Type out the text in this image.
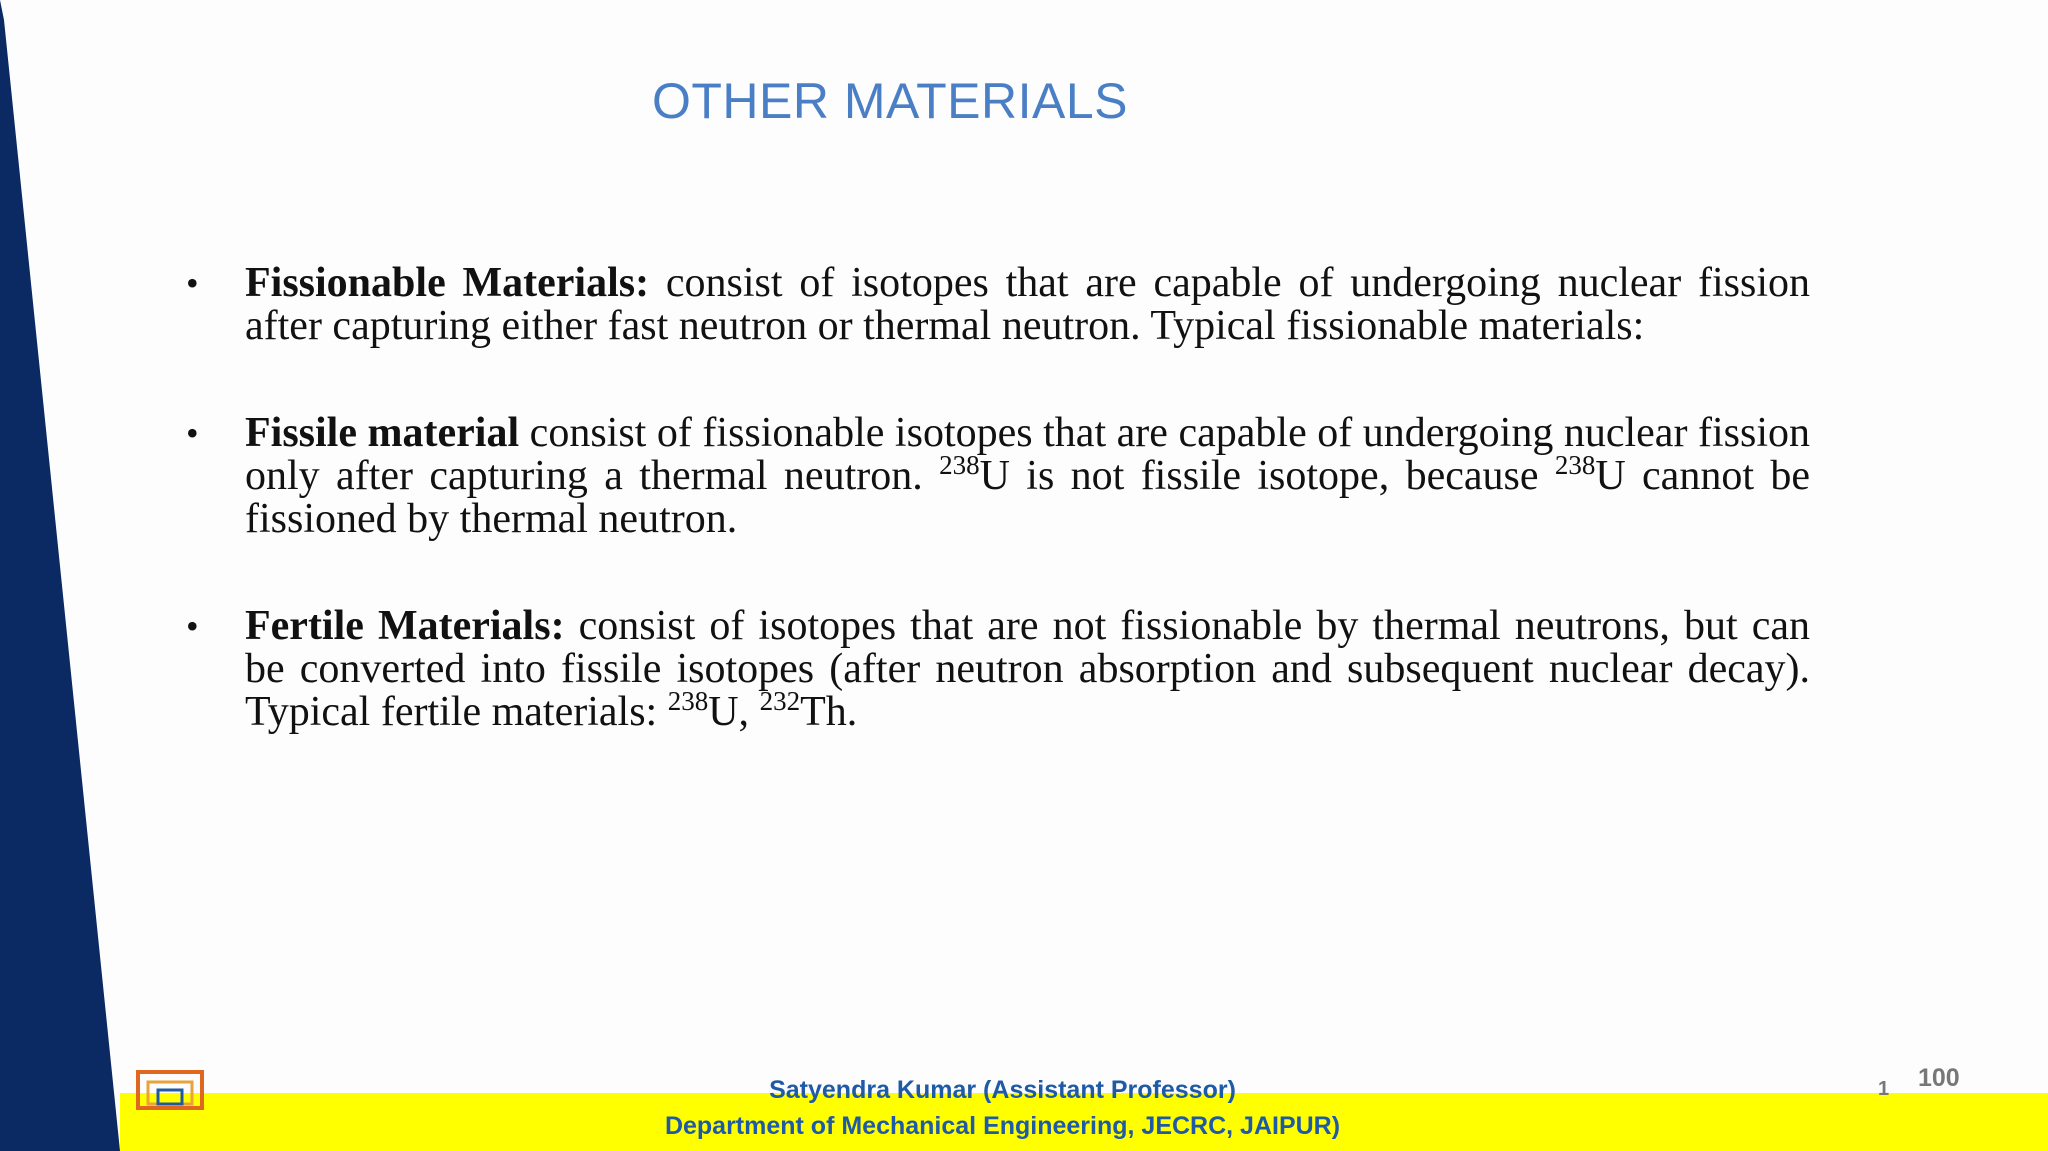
OTHER MATERIALS
• Fissionable Materials: consist of isotopes that are capable of undergoing nuclear fission after capturing either fast neutron or thermal neutron. Typical fissionable materials:
• Fissile material consist of fissionable isotopes that are capable of undergoing nuclear fission only after capturing a thermal neutron. $^{238}$U is not fissile isotope, because $^{238}$U cannot be fissioned by thermal neutron.
• Fertile Materials: consist of isotopes that are not fissionable by thermal neutrons, but can be converted into fissile isotopes (after neutron absorption and subsequent nuclear decay). Typical fertile materials: $^{238}$U, $^{232}$Th.
Satyendra Kumar (Assistant Professor)
Department of Mechanical Engineering, JECRC, JAIPUR)
1 100
